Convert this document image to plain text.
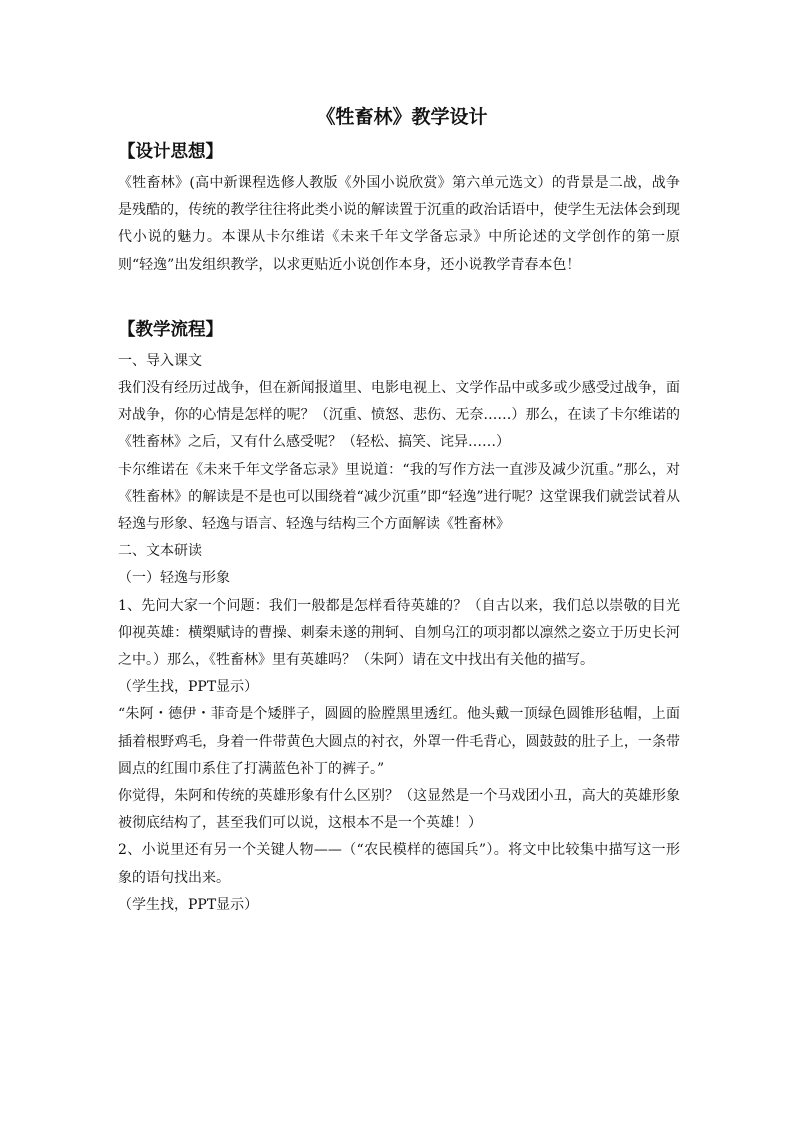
《牲畜林》教学设计
【设计思想】

《牲畜林》(高中新课程选修人教版《外国小说欣赏》第六单元选文）的背景是二战，战争是残酷的，传统的教学往往将此类小说的解读置于沉重的政治话语中，使学生无法体会到现代小说的魅力。本课从卡尔维诺《未来千年文学备忘录》中所论述的文学创作的第一原则“轻逸”出发组织教学，以求更贴近小说创作本身，还小说教学青春本色！

【教学流程】

一、导入课文

我们没有经历过战争，但在新闻报道里、电影电视上、文学作品中或多或少感受过战争，面对战争，你的心情是怎样的呢？（沉重、愤怒、悲伤、无奈……）那么，在读了卡尔维诺的《牲畜林》之后，又有什么感受呢？（轻松、搞笑、诧异……）

卡尔维诺在《未来千年文学备忘录》里说道：“我的写作方法一直涉及减少沉重。”那么，对《牲畜林》的解读是不是也可以围绕着“减少沉重”即“轻逸”进行呢？这堂课我们就尝试着从轻逸与形象、轻逸与语言、轻逸与结构三个方面解读《牲畜林》

二、文本研读

（一）轻逸与形象

1、先问大家一个问题：我们一般都是怎样看待英雄的？（自古以来，我们总以崇敬的目光仰视英雄：横槊赋诗的曹操、刺秦未遂的荆轲、自刎乌江的项羽都以凛然之姿立于历史长河之中。）那么，《牲畜林》里有英雄吗？（朱阿）请在文中找出有关他的描写。

（学生找，PPT显示）

“朱阿・德伊・菲奇是个矮胖子，圆圆的脸膛黑里透红。他头戴一顶绿色圆锥形毡帽，上面插着根野鸡毛，身着一件带黄色大圆点的衬衣，外罩一件毛背心，圆鼓鼓的肚子上，一条带圆点的红围巾系住了打满蓝色补丁的裤子。”

你觉得，朱阿和传统的英雄形象有什么区别？（这显然是一个马戏团小丑，高大的英雄形象被彻底结构了，甚至我们可以说，这根本不是一个英雄！）

2、小说里还有另一个关键人物——（“农民模样的德国兵”）。将文中比较集中描写这一形象的语句找出来。

（学生找，PPT显示）
